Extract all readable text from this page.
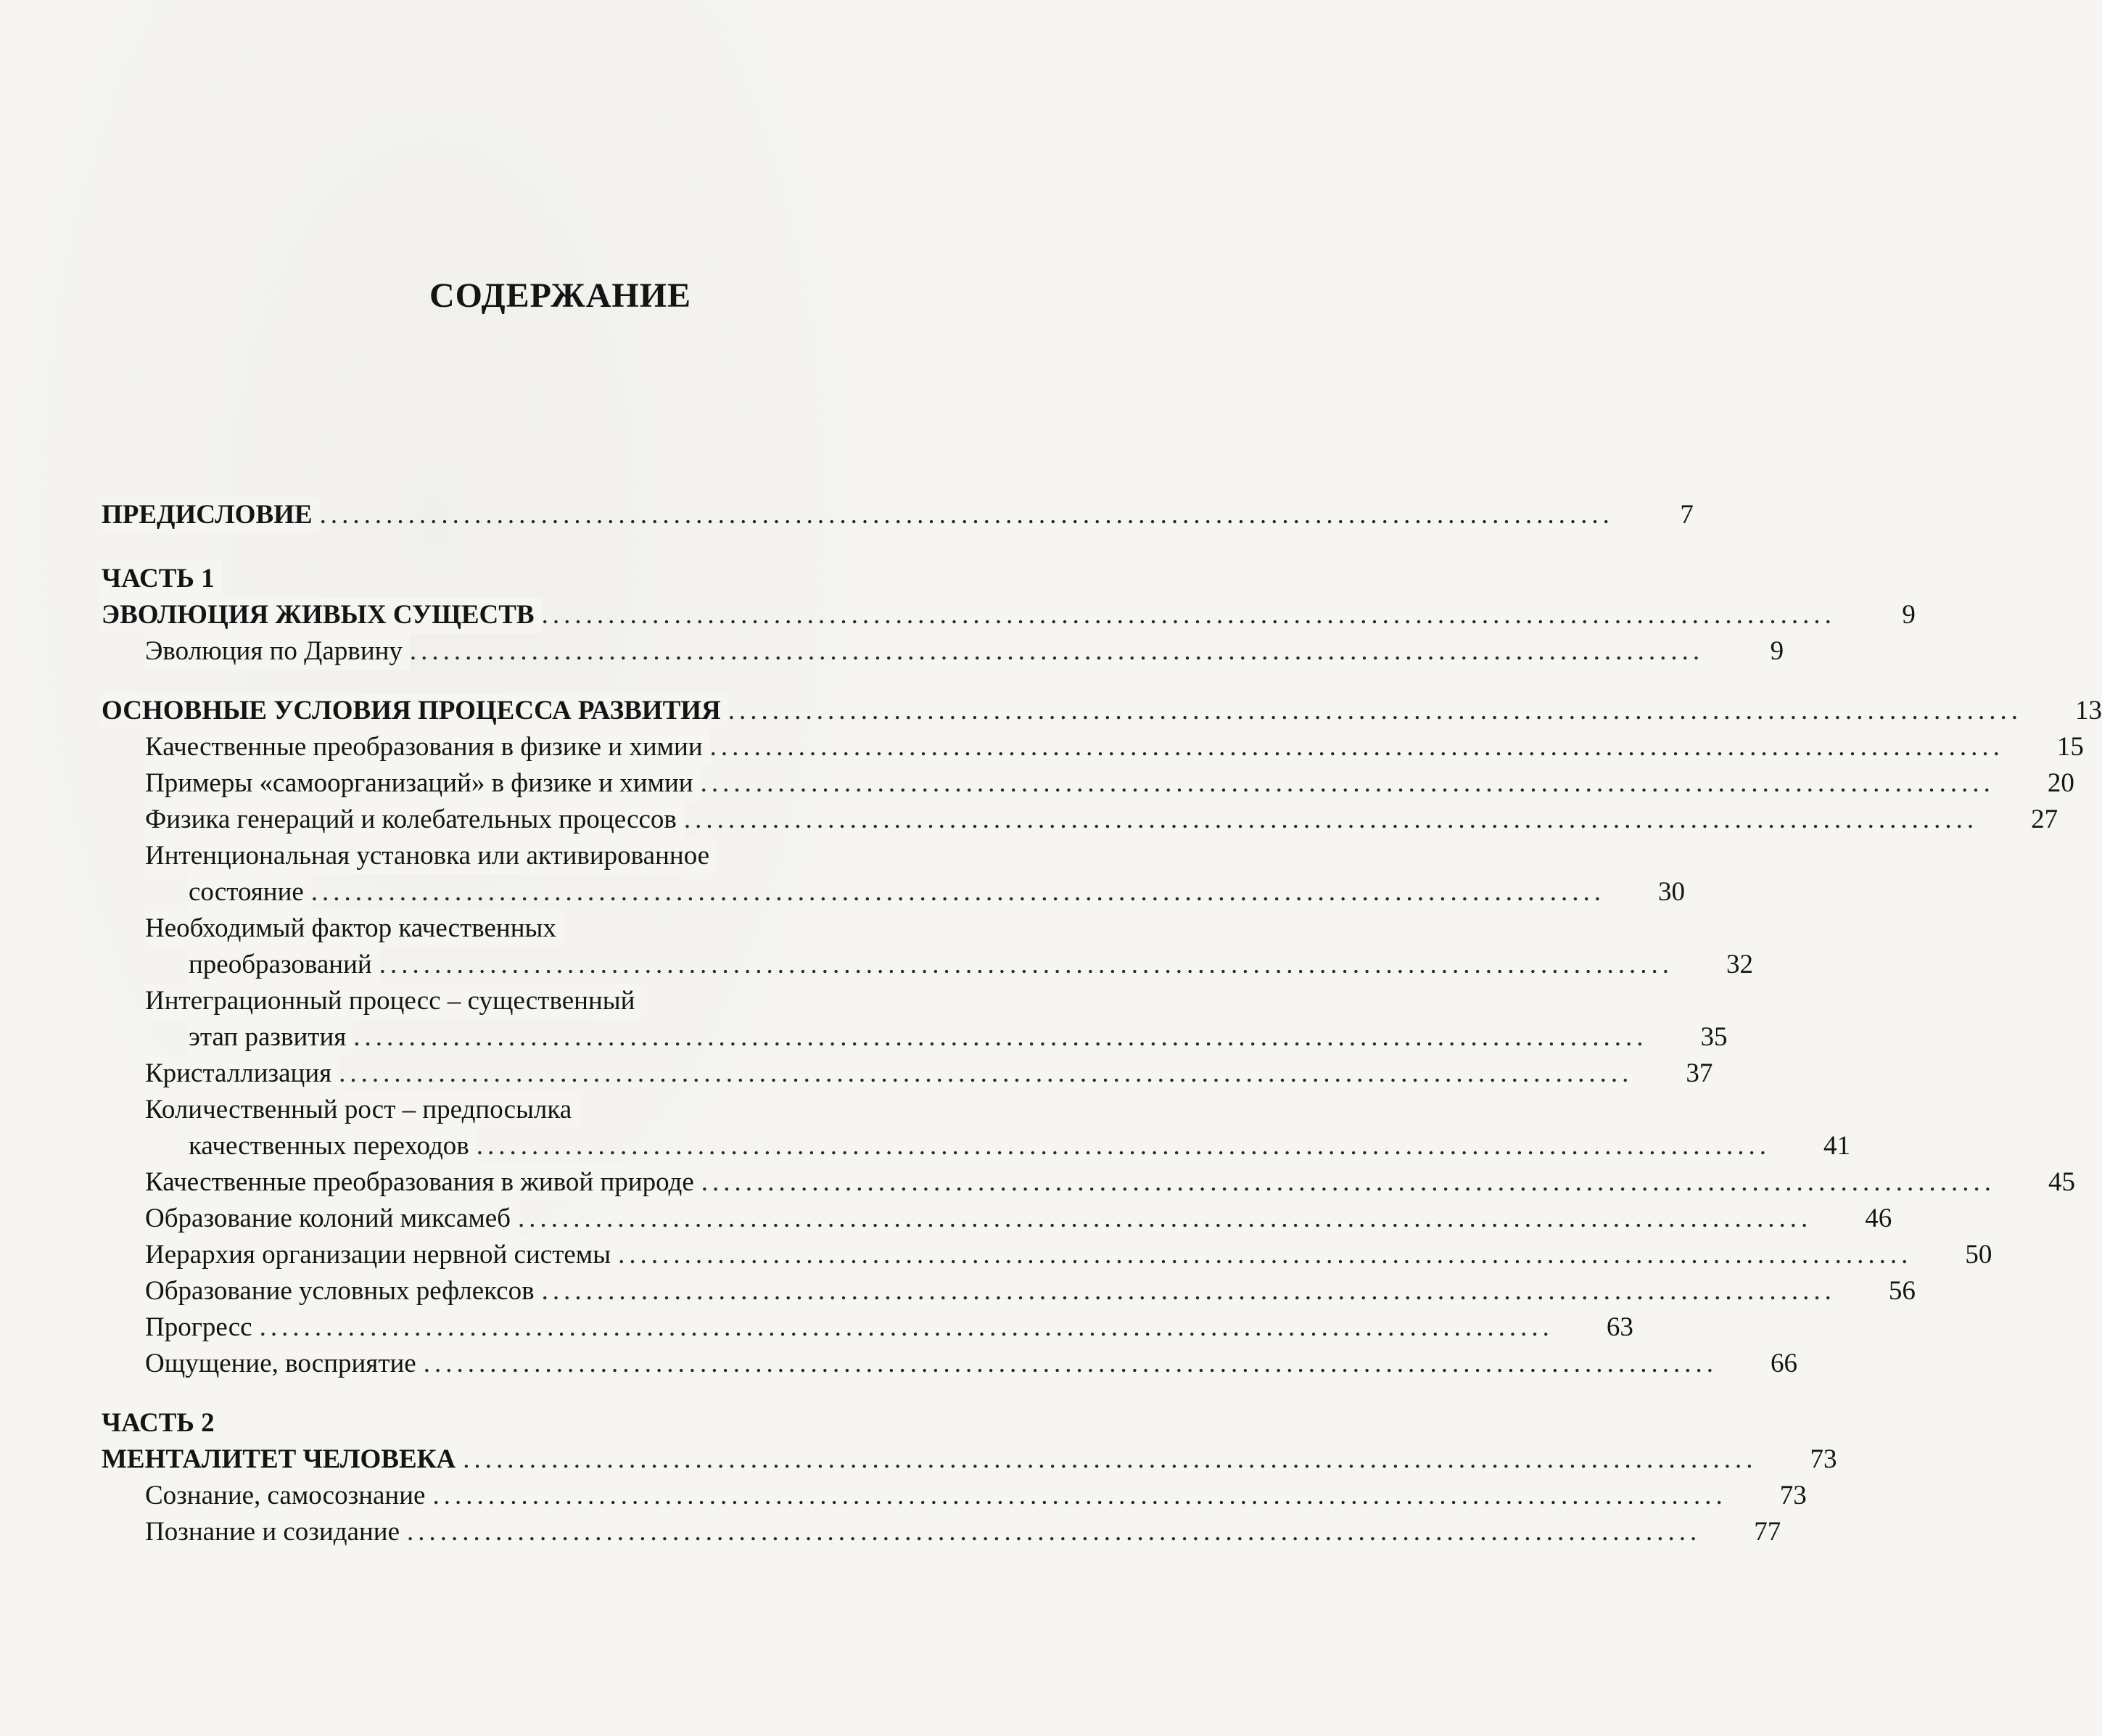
СОДЕРЖАНИЕ
ПРЕДИСЛОВИЕ .....................................................................................................................	7
ЧАСТЬ 1
ЭВОЛЮЦИЯ ЖИВЫХ СУЩЕСТВ .....................................................................................................................	9
Эволюция по Дарвину .....................................................................................................................	9
ОСНОВНЫЕ УСЛОВИЯ ПРОЦЕССА РАЗВИТИЯ .....................................................................................................................	13
Качественные преобразования в физике и химии .....................................................................................................................	15
Примеры «самоорганизаций» в физике и химии .....................................................................................................................	20
Физика генераций и колебательных процессов .....................................................................................................................	27
Интенциональная установка или активированное
состояние .....................................................................................................................	30
Необходимый фактор качественных
преобразований .....................................................................................................................	32
Интеграционный процесс – существенный
этап развития .....................................................................................................................	35
Кристаллизация .....................................................................................................................	37
Количественный рост – предпосылка
качественных переходов .....................................................................................................................	41
Качественные преобразования в живой природе .....................................................................................................................	45
Образование колоний миксамеб .....................................................................................................................	46
Иерархия организации нервной системы .....................................................................................................................	50
Образование условных рефлексов .....................................................................................................................	56
Прогресс .....................................................................................................................	63
Ощущение, восприятие .....................................................................................................................	66
ЧАСТЬ 2
МЕНТАЛИТЕТ ЧЕЛОВЕКА .....................................................................................................................	73
Сознание, самосознание .....................................................................................................................	73
Познание и созидание .....................................................................................................................	77
